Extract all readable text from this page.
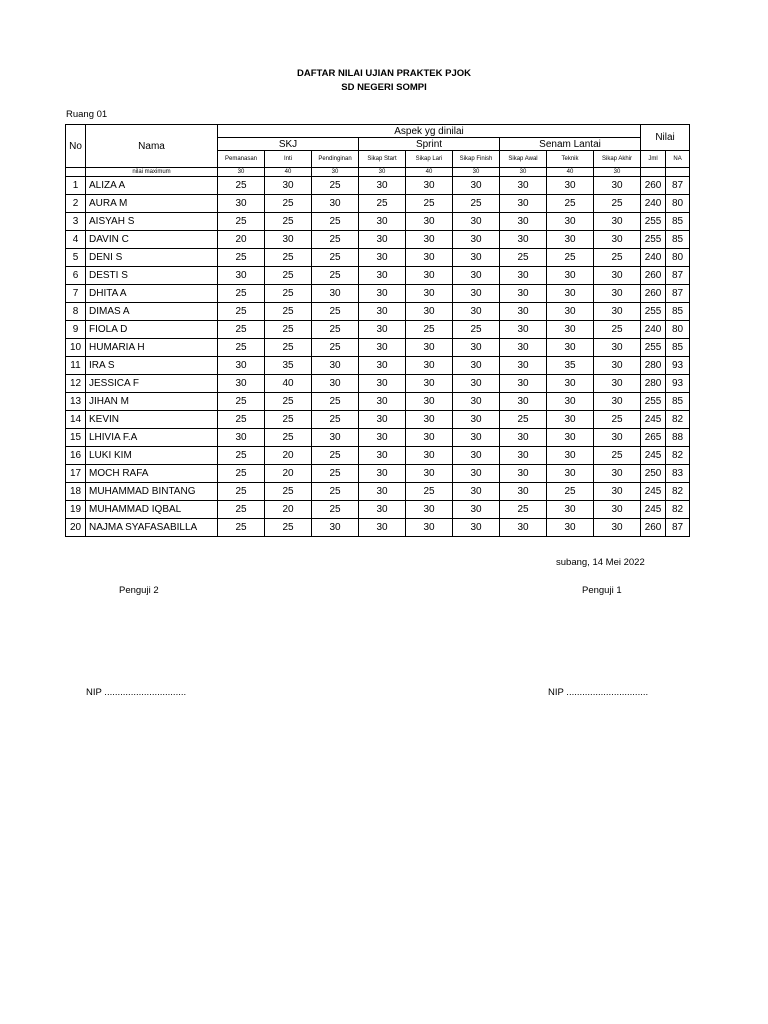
DAFTAR NILAI UJIAN PRAKTEK PJOK
SD NEGERI SOMPI
Ruang 01
No	Nama	Aspek yg dinilai									Nilai	
		SKJ			Sprint			Senam Lantai				
		Pemanasan	Inti	Pendinginan	Sikap Start	Sikap Lari	Sikap Finish	Sikap Awal	Teknik	Sikap Akhir	Jml	NA
	nilai maximum	30	40	30	30	40	30	30	40	30		
1	ALIZA A	25	30	25	30	30	30	30	30	30	260	87
2	AURA M	30	25	30	25	25	25	30	25	25	240	80
3	AISYAH S	25	25	25	30	30	30	30	30	30	255	85
4	DAVIN C	20	30	25	30	30	30	30	30	30	255	85
5	DENI S	25	25	25	30	30	30	25	25	25	240	80
6	DESTI S	30	25	25	30	30	30	30	30	30	260	87
7	DHITA A	25	25	30	30	30	30	30	30	30	260	87
8	DIMAS A	25	25	25	30	30	30	30	30	30	255	85
9	FIOLA D	25	25	25	30	25	25	30	30	25	240	80
10	HUMARIA H	25	25	25	30	30	30	30	30	30	255	85
11	IRA S	30	35	30	30	30	30	30	35	30	280	93
12	JESSICA F	30	40	30	30	30	30	30	30	30	280	93
13	JIHAN M	25	25	25	30	30	30	30	30	30	255	85
14	KEVIN	25	25	25	30	30	30	25	30	25	245	82
15	LHIVIA F.A	30	25	30	30	30	30	30	30	30	265	88
16	LUKI KIM	25	20	25	30	30	30	30	30	25	245	82
17	MOCH RAFA	25	20	25	30	30	30	30	30	30	250	83
18	MUHAMMAD BINTANG	25	25	25	30	25	30	30	25	30	245	82
19	MUHAMMAD IQBAL	25	20	25	30	30	30	25	30	30	245	82
20	NAJMA SYAFASABILLA	25	25	30	30	30	30	30	30	30	260	87
subang, 14 Mei 2022
Penguji 2	Penguji 1
NIP ...............................	NIP ...............................
